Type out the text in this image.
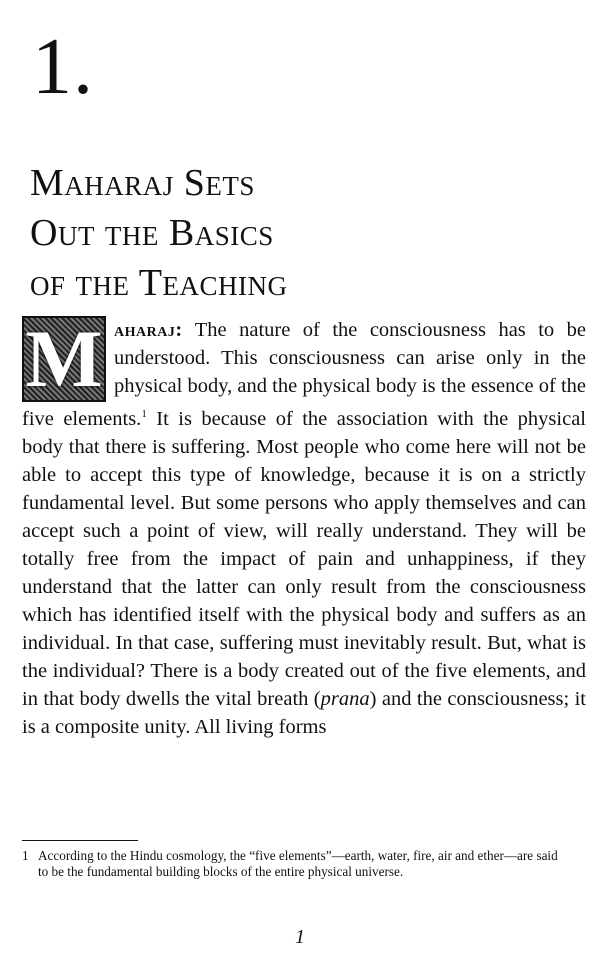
1.
Maharaj Sets
Out the Basics
of the Teaching
aharaj: The nature of the consciousness has to be understood. This consciousness can arise only in the physical body, and the physical body is the essence of the five elements.$^1$ It is because of the association with the physical body that there is suffering. Most people who come here will not be able to accept this type of knowledge, because it is on a strictly fundamental level. But some persons who apply themselves and can accept such a point of view, will really understand. They will be totally free from the impact of pain and unhappiness, if they understand that the latter can only result from the consciousness which has identified itself with the physical body and suffers as an individual. In that case, suffering must inevitably result. But, what is the individual? There is a body created out of the five elements, and in that body dwells the vital breath (prana) and the consciousness; it is a composite unity. All living forms
M
1 According to the Hindu cosmology, the “five elements”—earth, water, fire, air and ether—are said to be the fundamental building blocks of the entire physical universe.
1
